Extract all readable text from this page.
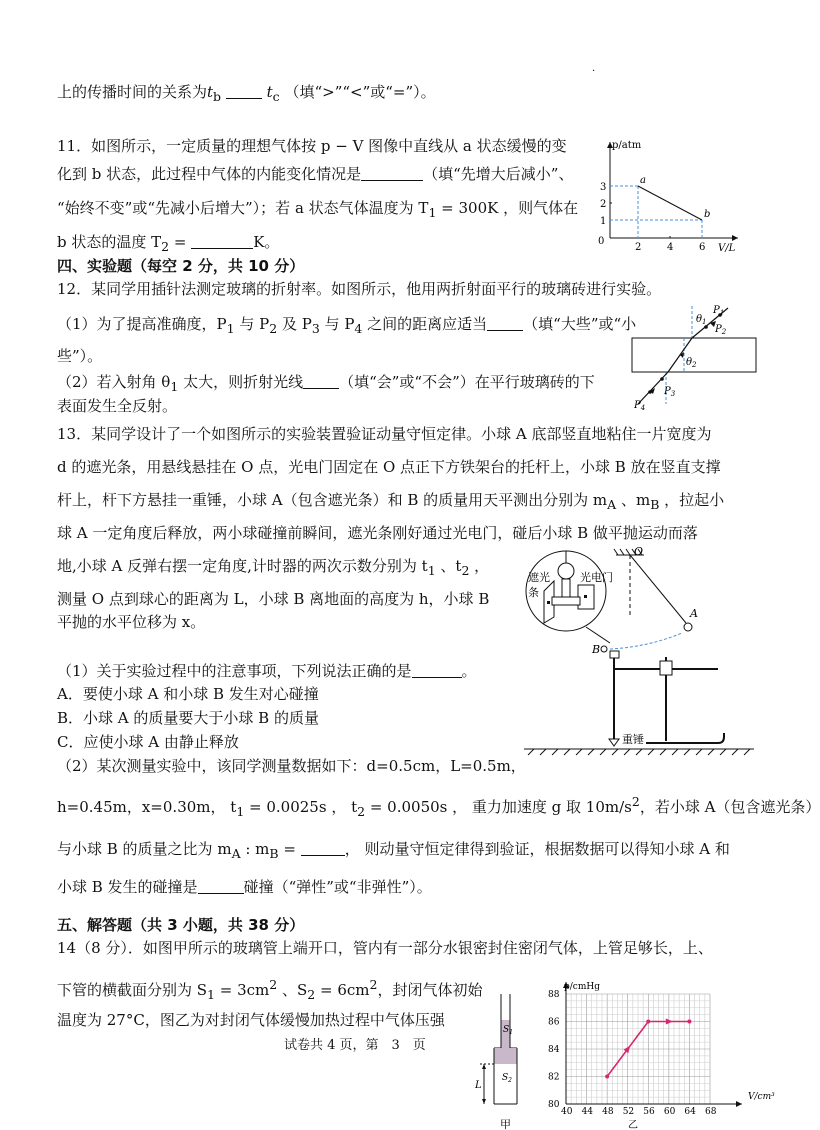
上的传播时间的关系为$t_b$	$t_c$ （填“>”“<”或“=”）。
·
11．如图所示，一定质量的理想气体按 p − V 图像中直线从 a 状态缓慢的变
化到 b 状态，此过程中气体的内能变化情况是	（填“先增大后减小”、
“始终不变”或“先减小后增大”）；若 a 状态气体温度为 $T_1 = 300K$ ，则气体在
b 状态的温度 $T_2$ =	K。
p/atm
V/L
3
2
1
0
2	4	6
a
b
四、实验题（每空 2 分，共 10 分）
12．某同学用插针法测定玻璃的折射率。如图所示，他用两折射面平行的玻璃砖进行实验。
（1）为了提高准确度，$P_1$ 与 $P_2$ 及 $P_3$ 与 $P_4$ 之间的距离应适当 （填“大些”或“小
些”）。
（2）若入射角 $\theta_1$ 太大，则折射光线 （填“会”或“不会”）在平行玻璃砖的下
表面发生全反射。
$P_1$
$P_2$
$P_3$
$P_4$
$\theta_1$
$\theta_2$
13．某同学设计了一个如图所示的实验装置验证动量守恒定律。小球 A 底部竖直地粘住一片宽度为
d 的遮光条，用悬线悬挂在 O 点，光电门固定在 O 点正下方铁架台的托杆上，小球 B 放在竖直支撑
杆上，杆下方悬挂一重锤，小球 A（包含遮光条）和 B 的质量用天平测出分别为 $m_A$ 、$m_B$ ，拉起小
球 A 一定角度后释放，两小球碰撞前瞬间，遮光条刚好通过光电门，碰后小球 B 做平抛运动而落
地,小球 A 反弹右摆一定角度,计时器的两次示数分别为 $t_1$ 、$t_2$ ，
测量 O 点到球心的距离为 L，小球 B 离地面的高度为 h，小球 B
平抛的水平位移为 x。
（1）关于实验过程中的注意事项，下列说法正确的是	。
A．要使小球 A 和小球 B 发生对心碰撞
B．小球 A 的质量要大于小球 B 的质量
C．应使小球 A 由静止释放
（2）某次测量实验中，该同学测量数据如下：d=0.5cm，L=0.5m，
h=0.45m，x=0.30m， $t_1 = 0.0025s$ ， $t_2 = 0.0050s$ ， 重力加速度 g 取 $10m/s^2$，若小球 A（包含遮光条）
与小球 B 的质量之比为 $m_A$ : $m_B$ =	， 则动量守恒定律得到验证，根据数据可以得知小球 A 和
小球 B 发生的碰撞是	碰撞（“弹性”或“非弹性”）。
O
A
B
遮光
条
光电门
重锤
五、解答题（共 3 小题，共 38 分）
14（8 分）．如图甲所示的玻璃管上端开口，管内有一部分水银密封住密闭气体，上管足够长，上、
下管的横截面分别为 $S_1 = 3cm^2$ 、$S_2 = 6cm^2$，封闭气体初始
温度为 27°C，图乙为对封闭气体缓慢加热过程中气体压强
试卷共 4 页，第　3　页
$S_1$
$S_2$
L
甲
88
86
84
82
80
40 44 48 52 56 60 64 68
p/cmHg
V/cm³
乙
